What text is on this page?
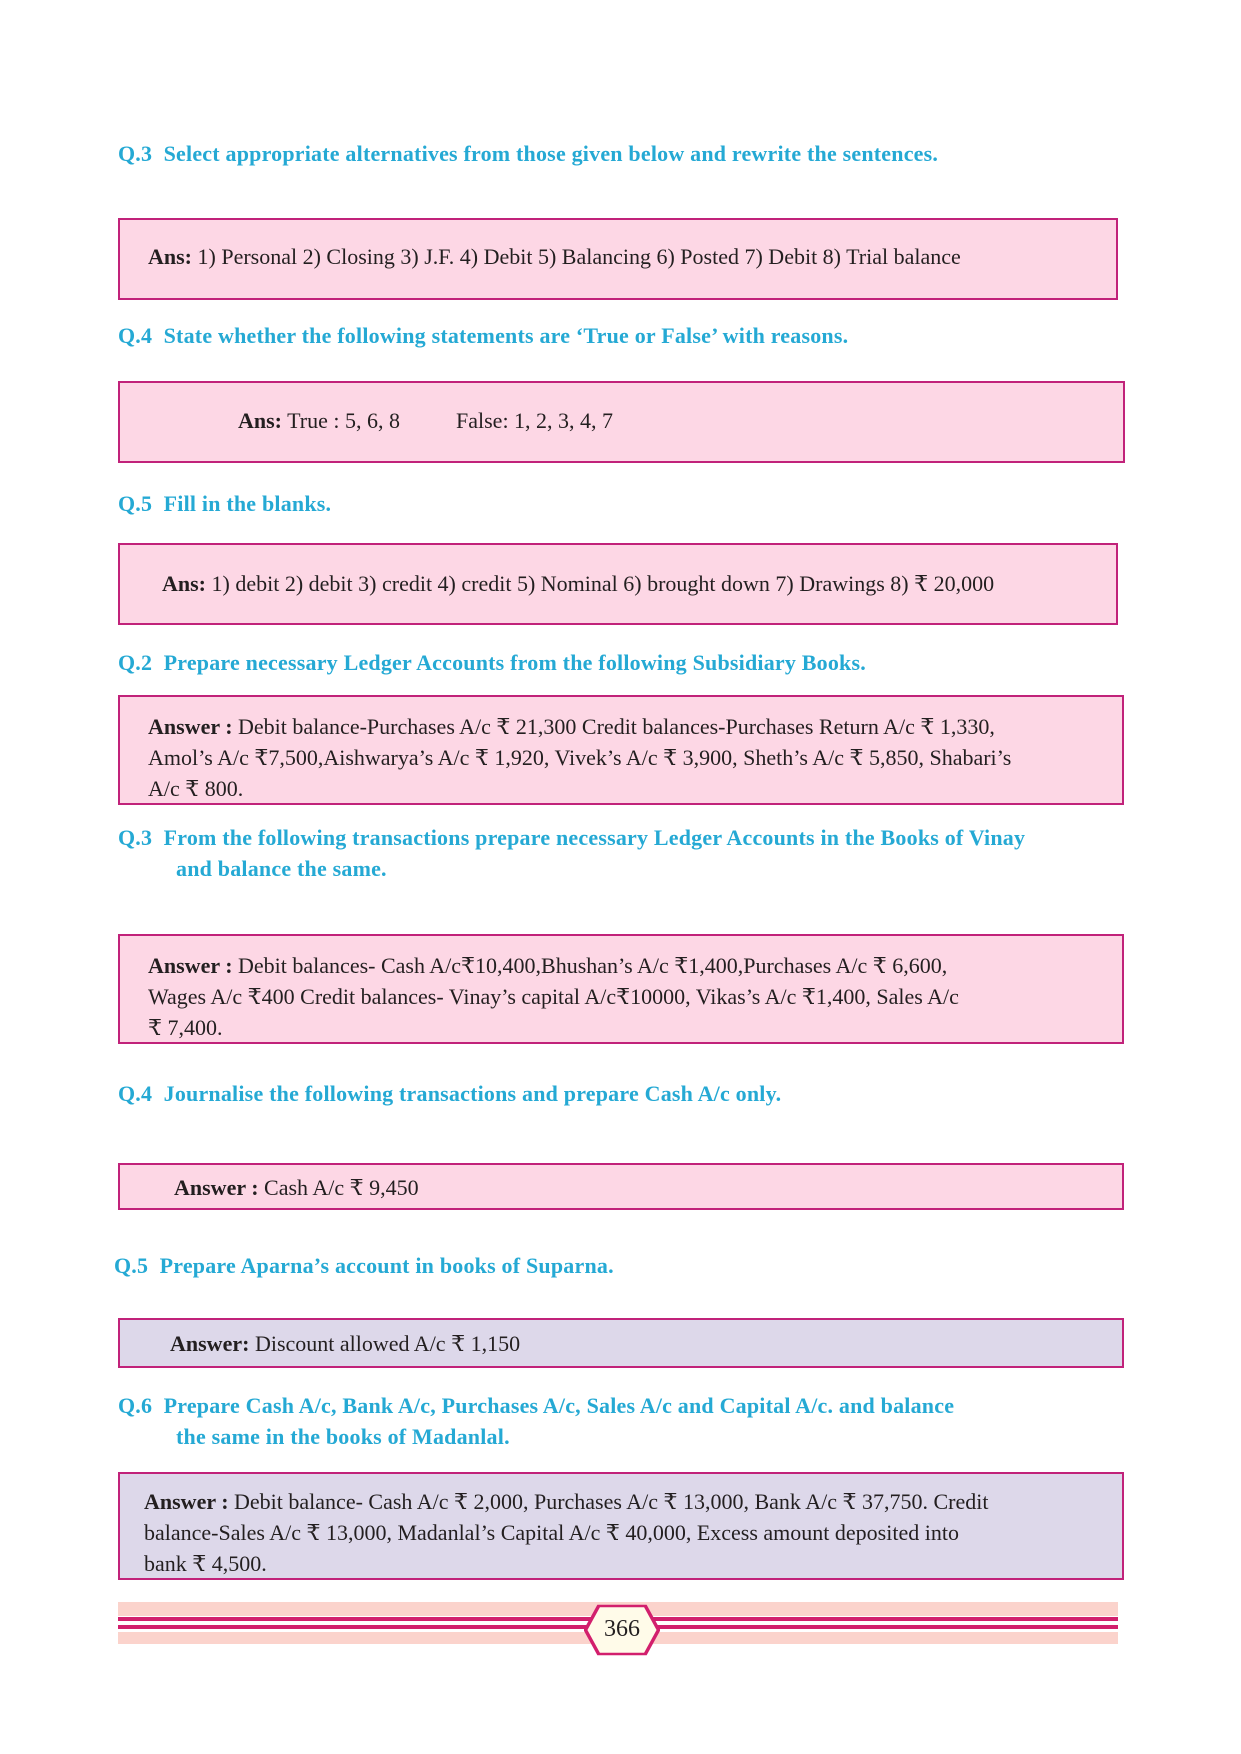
Q.3 Select appropriate alternatives from those given below and rewrite the sentences.

Ans: 1) Personal 2) Closing 3) J.F. 4) Debit 5) Balancing 6) Posted 7) Debit 8) Trial balance

Q.4 State whether the following statements are ‘True or False’ with reasons.

Ans: True : 5, 6, 8	False: 1, 2, 3, 4, 7

Q.5 Fill in the blanks.

Ans: 1) debit 2) debit 3) credit 4) credit 5) Nominal 6) brought down 7) Drawings 8) ₹ 20,000

Q.2 Prepare necessary Ledger Accounts from the following Subsidiary Books.

Answer : Debit balance-Purchases A/c ₹ 21,300 Credit balances-Purchases Return A/c ₹ 1,330,
Amol’s A/c ₹7,500,Aishwarya’s A/c ₹ 1,920, Vivek’s A/c ₹ 3,900, Sheth’s A/c ₹ 5,850, Shabari’s
A/c ₹ 800.

Q.3 From the following transactions prepare necessary Ledger Accounts in the Books of Vinay
and balance the same.

Answer : Debit balances- Cash A/c₹10,400,Bhushan’s A/c ₹1,400,Purchases A/c ₹ 6,600,
Wages A/c ₹400 Credit balances- Vinay’s capital A/c₹10000, Vikas’s A/c ₹1,400, Sales A/c
₹ 7,400.

Q.4 Journalise the following transactions and prepare Cash A/c only.

Answer : Cash A/c ₹ 9,450

Q.5 Prepare Aparna’s account in books of Suparna.

Answer: Discount allowed A/c ₹ 1,150

Q.6 Prepare Cash A/c, Bank A/c, Purchases A/c, Sales A/c and Capital A/c. and balance
the same in the books of Madanlal.

Answer : Debit balance- Cash A/c ₹ 2,000, Purchases A/c ₹ 13,000, Bank A/c ₹ 37,750. Credit
balance-Sales A/c ₹ 13,000, Madanlal’s Capital A/c ₹ 40,000, Excess amount deposited into
bank ₹ 4,500.
366
